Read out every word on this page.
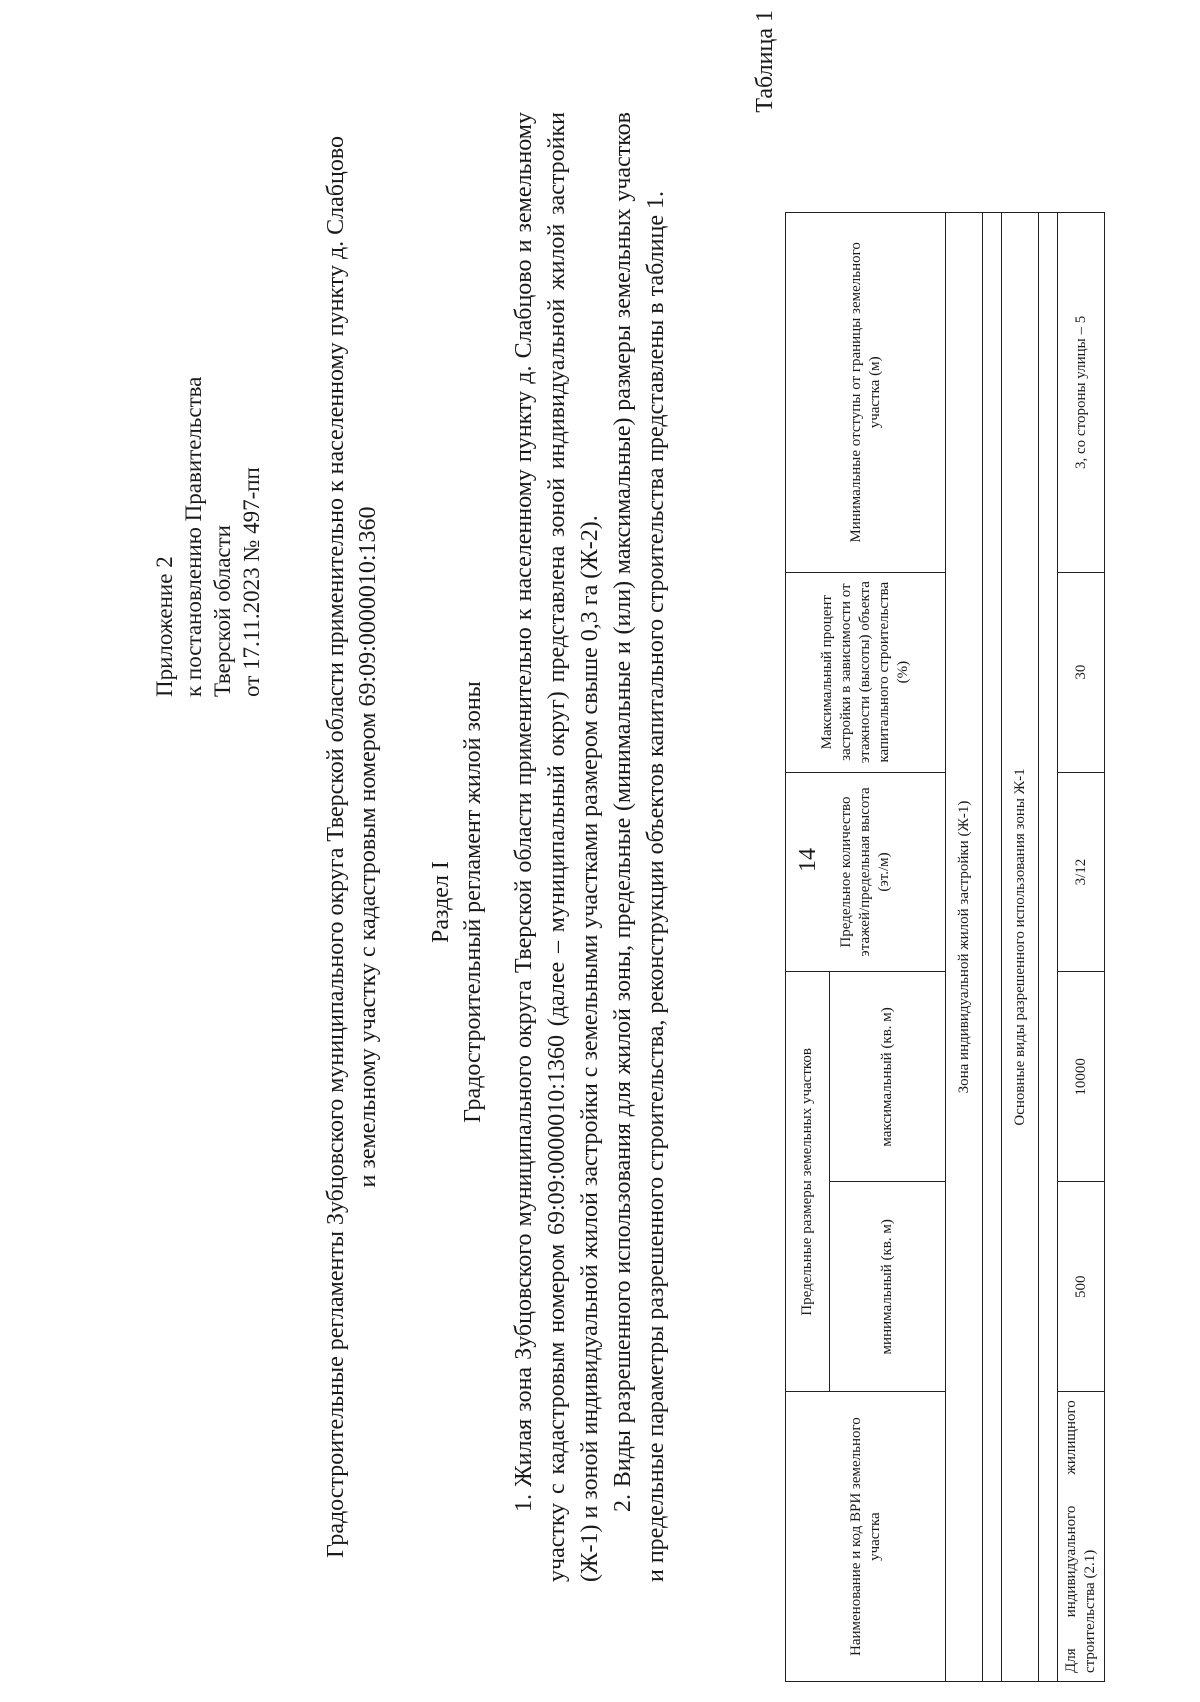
14
Приложение 2 к постановлению Правительства Тверской области от 17.11.2023 № 497-пп Градостроительные регламенты Зубцовского муниципального округа Тверской области применительно к населенному пункту д. Слабцово и земельному участку с кадастровым номером 69:09:0000010:1360 Раздел I Градостроительный регламент жилой зоны 1. Жилая зона Зубцовского муниципального округа Тверской области применительно к населенному пункту д. Слабцово и земельному участку с кадастровым номером 69:09:0000010:1360 (далее – муниципальный округ) представлена зоной индивидуальной жилой застройки (Ж-1) и зоной индивидуальной жилой застройки с земельными участками размером свыше 0,3 га (Ж-2). 2. Виды разрешенного использования для жилой зоны, предельные (минимальные и (или) максимальные) размеры земельных участков и предельные параметры разрешенного строительства, реконструкции объектов капитального строительства представлены в таблице 1.

Таблица 1
Наименование и код ВРИ земельного участка	Предельные размеры земельных участков		Предельное количество этажей/предельная высота (эт./м)	Максимальный процент застройки в зависимости от этажности (высоты) объекта капитального строительства (%)	Минимальные отступы от границы земельного участка (м)
	минимальный (кв. м)	максимальный (кв. м)			
Зона индивидуальной жилой застройки (Ж-1)					

Основные виды разрешенного использования зоны Ж-1					

Для индивидуального жилищного строительства (2.1)	500	10000	3/12	30	3, со стороны улицы – 5
